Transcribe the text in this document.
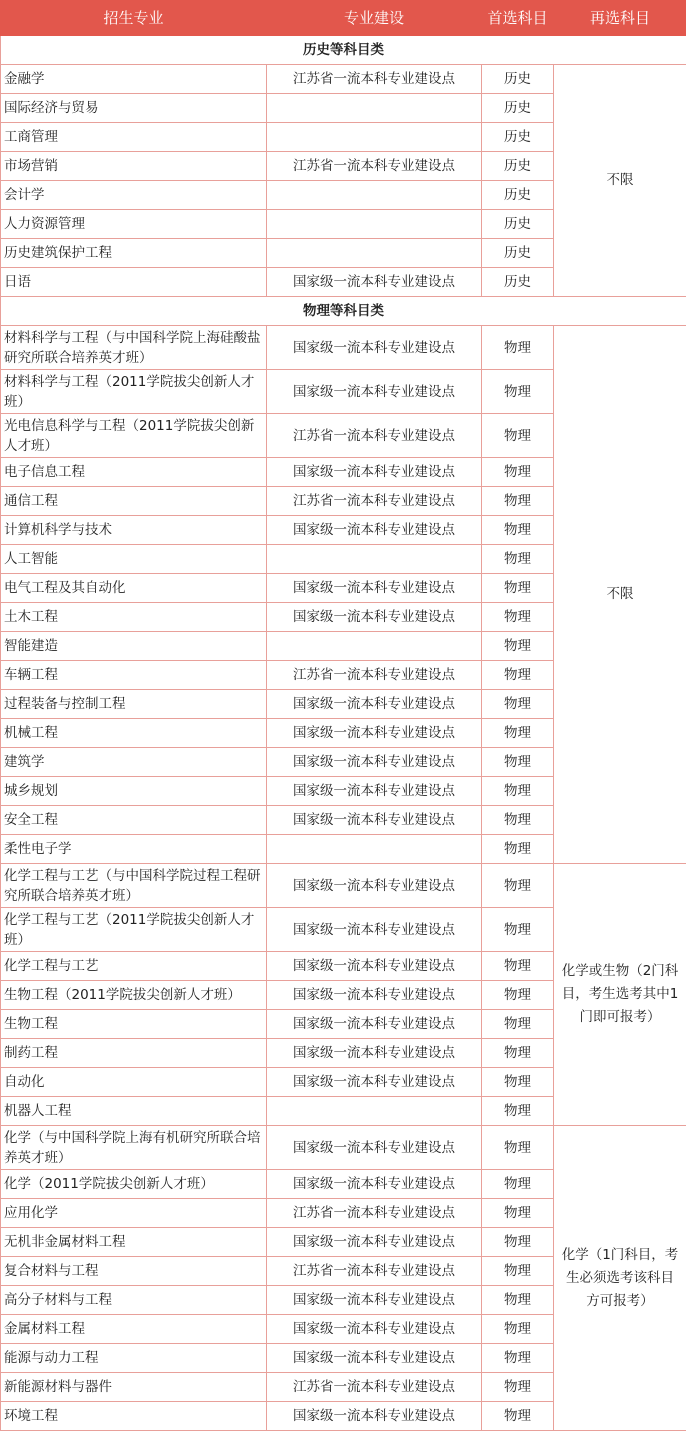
招生专业	专业建设	首选科目	再选科目
历史等科目类			
金融学	江苏省一流本科专业建设点	历史	不限
国际经济与贸易		历史	
工商管理		历史	
市场营销	江苏省一流本科专业建设点	历史	
会计学		历史	
人力资源管理		历史	
历史建筑保护工程		历史	
日语	国家级一流本科专业建设点	历史	
物理等科目类			
材料科学与工程（与中国科学院上海硅酸盐研究所联合培养英才班）	国家级一流本科专业建设点	物理	不限
材料科学与工程（2011学院拔尖创新人才班）	国家级一流本科专业建设点	物理	
光电信息科学与工程（2011学院拔尖创新人才班）	江苏省一流本科专业建设点	物理	
电子信息工程	国家级一流本科专业建设点	物理	
通信工程	江苏省一流本科专业建设点	物理	
计算机科学与技术	国家级一流本科专业建设点	物理	
人工智能		物理	
电气工程及其自动化	国家级一流本科专业建设点	物理	
土木工程	国家级一流本科专业建设点	物理	
智能建造		物理	
车辆工程	江苏省一流本科专业建设点	物理	
过程装备与控制工程	国家级一流本科专业建设点	物理	
机械工程	国家级一流本科专业建设点	物理	
建筑学	国家级一流本科专业建设点	物理	
城乡规划	国家级一流本科专业建设点	物理	
安全工程	国家级一流本科专业建设点	物理	
柔性电子学		物理	
化学工程与工艺（与中国科学院过程工程研究所联合培养英才班）	国家级一流本科专业建设点	物理	化学或生物（2门科目，考生选考其中1门即可报考）
化学工程与工艺（2011学院拔尖创新人才班）	国家级一流本科专业建设点	物理	
化学工程与工艺	国家级一流本科专业建设点	物理	
生物工程（2011学院拔尖创新人才班）	国家级一流本科专业建设点	物理	
生物工程	国家级一流本科专业建设点	物理	
制药工程	国家级一流本科专业建设点	物理	
自动化	国家级一流本科专业建设点	物理	
机器人工程		物理	
化学（与中国科学院上海有机研究所联合培养英才班）	国家级一流本科专业建设点	物理	化学（1门科目，考生必须选考该科目方可报考）
化学（2011学院拔尖创新人才班）	国家级一流本科专业建设点	物理	
应用化学	江苏省一流本科专业建设点	物理	
无机非金属材料工程	国家级一流本科专业建设点	物理	
复合材料与工程	江苏省一流本科专业建设点	物理	
高分子材料与工程	国家级一流本科专业建设点	物理	
金属材料工程	国家级一流本科专业建设点	物理	
能源与动力工程	国家级一流本科专业建设点	物理	
新能源材料与器件	江苏省一流本科专业建设点	物理	
环境工程	国家级一流本科专业建设点	物理	
